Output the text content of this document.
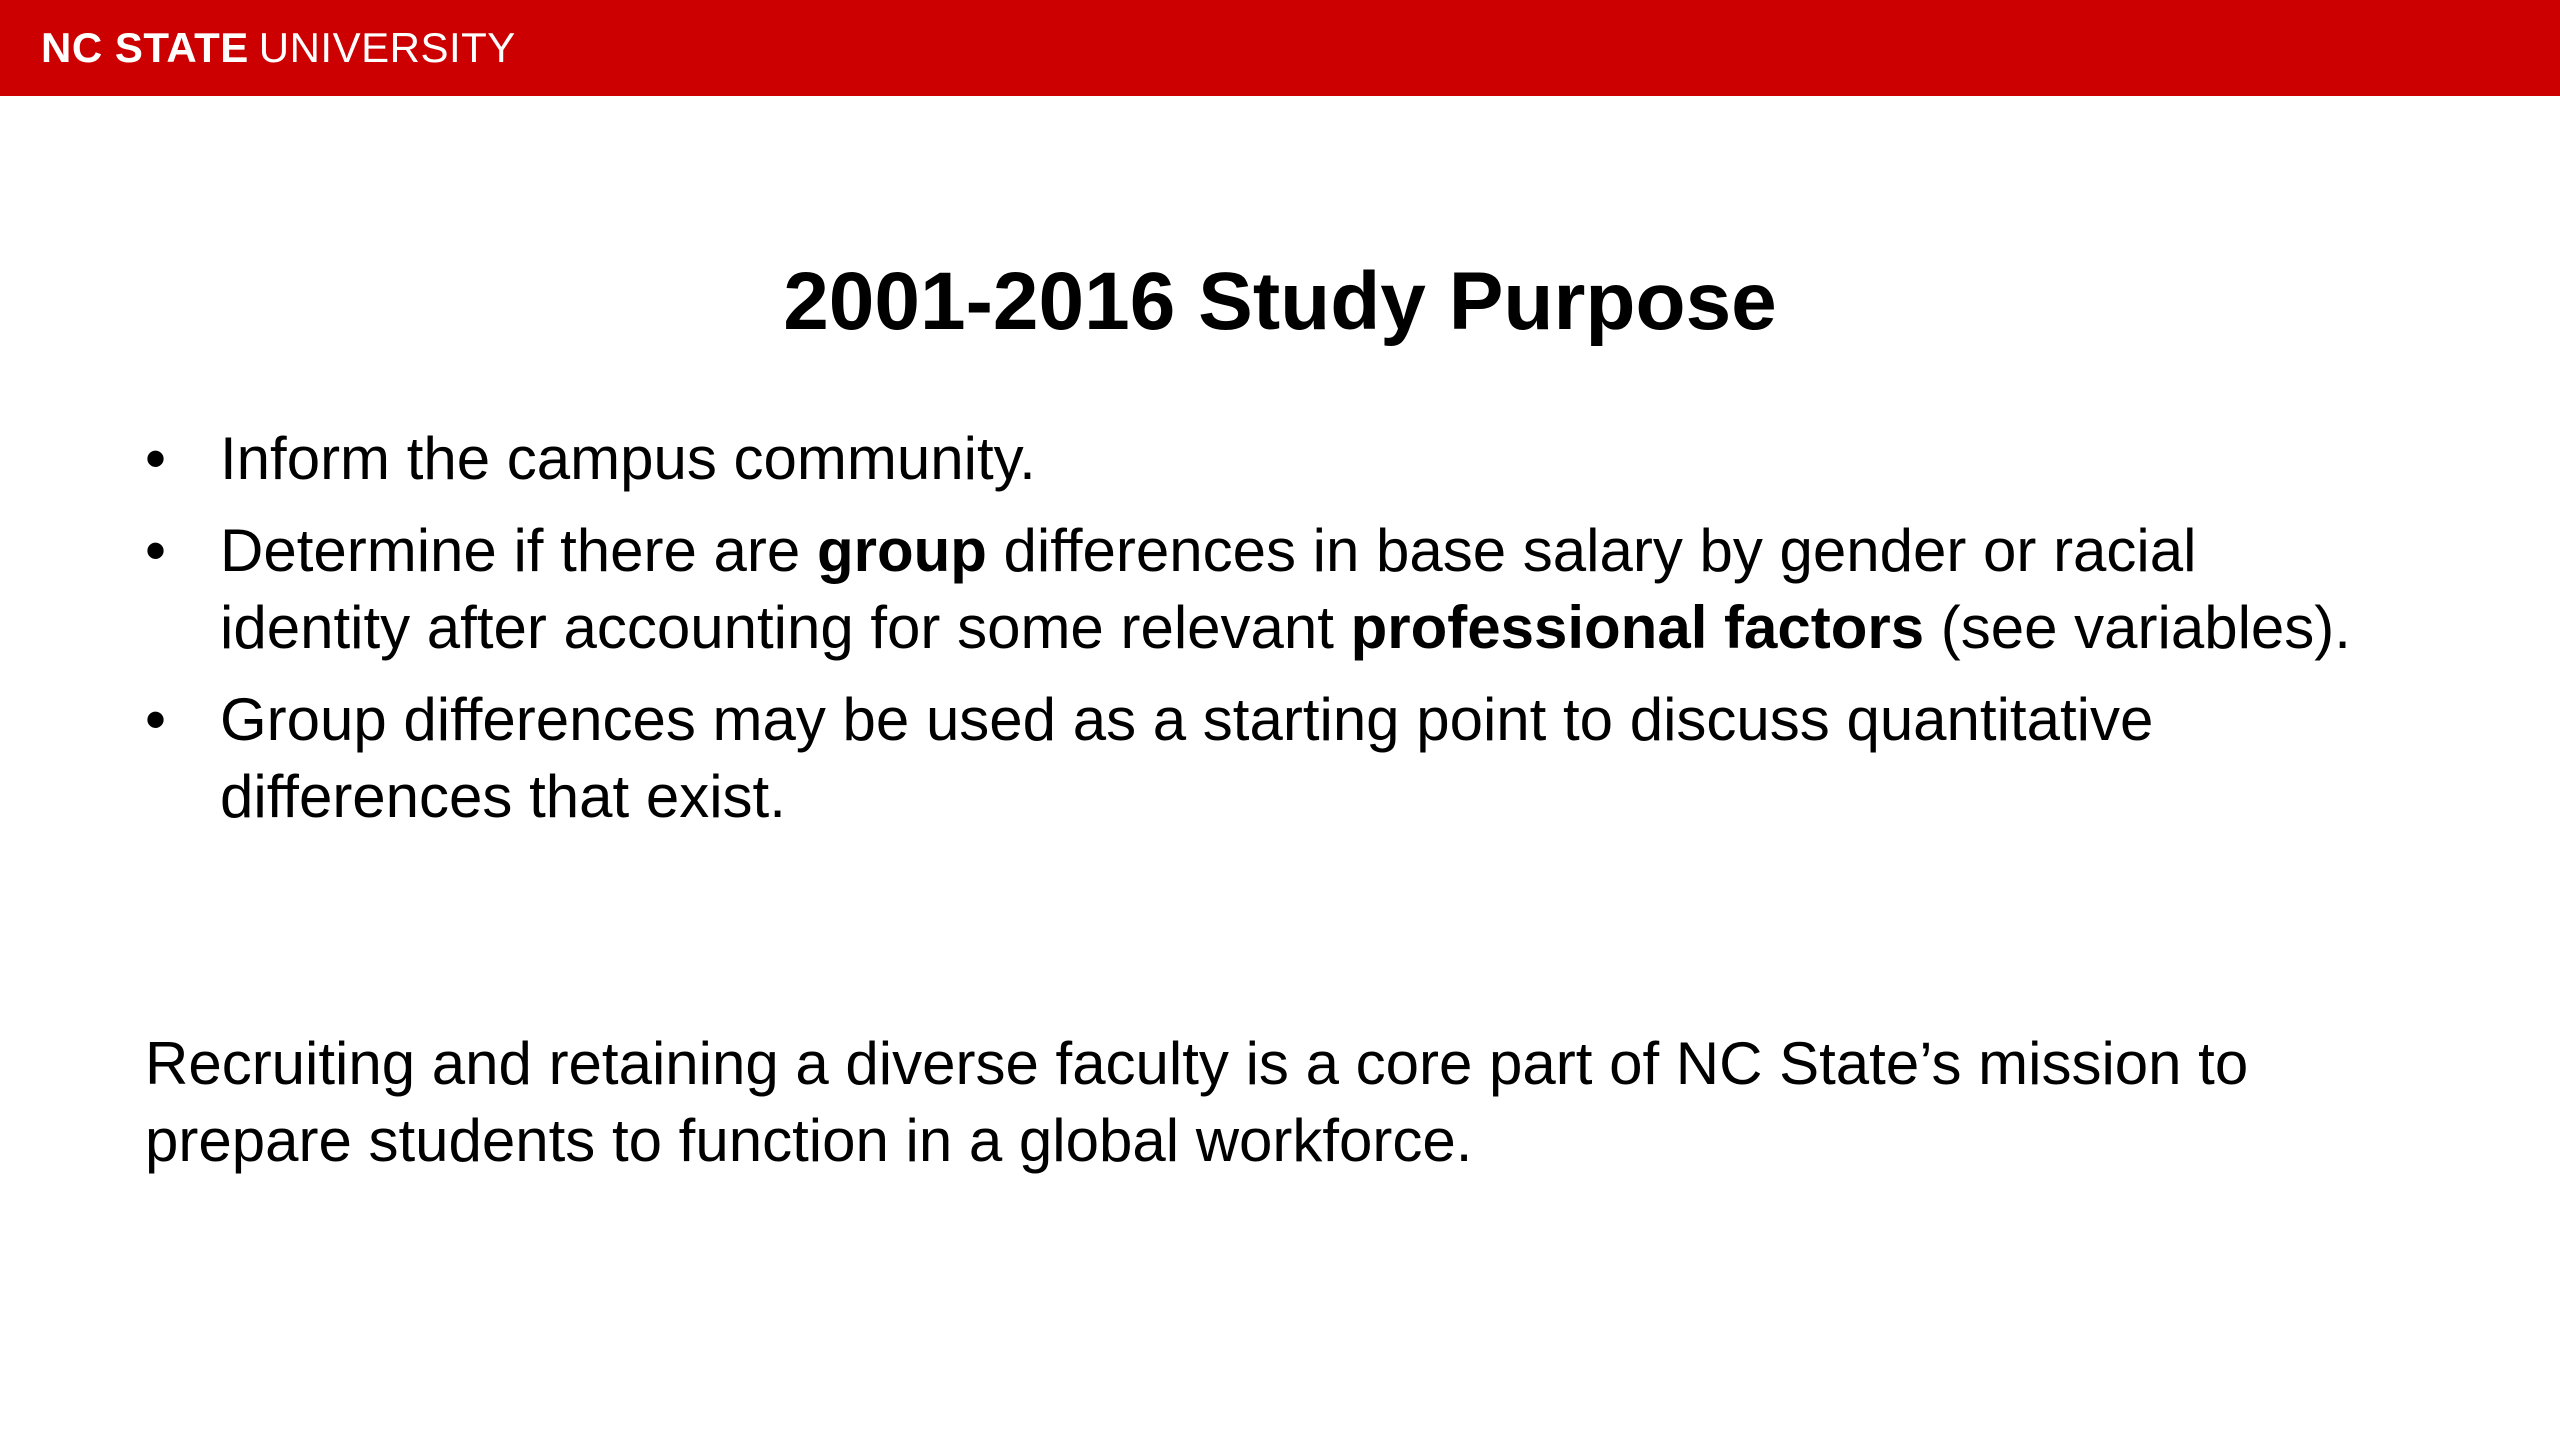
NC STATE UNIVERSITY
2001-2016 Study Purpose
• Inform the campus community.
• Determine if there are group differences in base salary by gender or racial identity after accounting for some relevant professional factors (see variables).
• Group differences may be used as a starting point to discuss quantitative differences that exist.

Recruiting and retaining a diverse faculty is a core part of NC State’s mission to prepare students to function in a global workforce.
